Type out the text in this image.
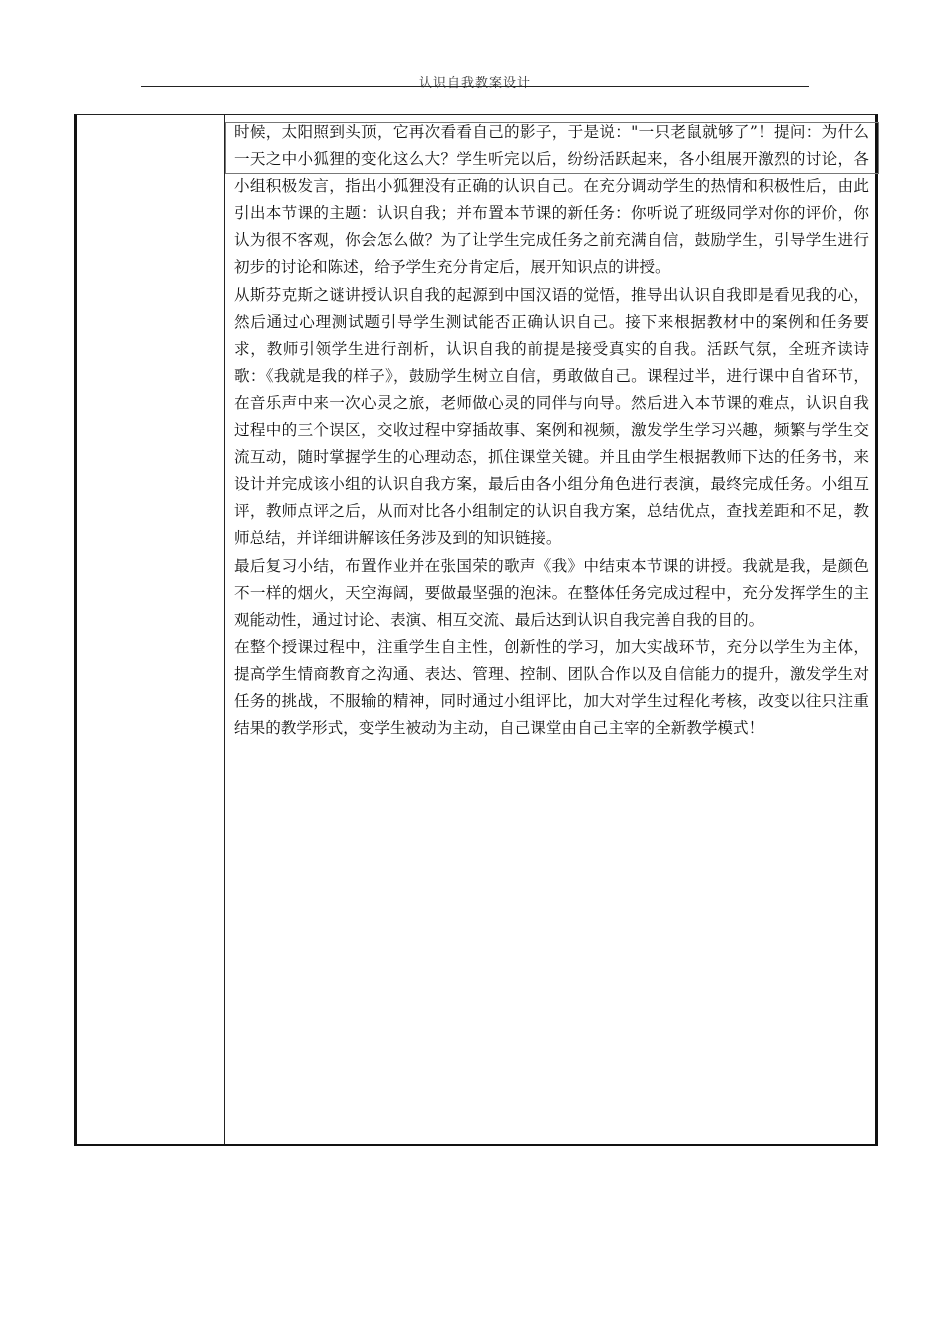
认识自我教案设计
时候，太阳照到头顶，它再次看看自己的影子，于是说："一只老鼠就够了”！提问：为什么一天之中小狐狸的变化这么大？学生听完以后，纷纷活跃起来，各小组展开激烈的讨论，各小组积极发言，指出小狐狸没有正确的认识自己。在充分调动学生的热情和积极性后，由此引出本节课的主题：认识自我；并布置本节课的新任务：你听说了班级同学对你的评价，你认为很不客观，你会怎么做？为了让学生完成任务之前充满自信，鼓励学生，引导学生进行初步的讨论和陈述，给予学生充分肯定后，展开知识点的讲授。
从斯芬克斯之谜讲授认识自我的起源到中国汉语的觉悟，推导出认识自我即是看见我的心，然后通过心理测试题引导学生测试能否正确认识自己。接下来根据教材中的案例和任务要求，教师引领学生进行剖析，认识自我的前提是接受真实的自我。活跃气氛，全班齐读诗歌：《我就是我的样子》，鼓励学生树立自信，勇敢做自己。课程过半，进行课中自省环节，在音乐声中来一次心灵之旅，老师做心灵的同伴与向导。然后进入本节课的难点，认识自我过程中的三个误区，交收过程中穿插故事、案例和视频，激发学生学习兴趣，频繁与学生交流互动，随时掌握学生的心理动态，抓住课堂关键。并且由学生根据教师下达的任务书，来设计并完成该小组的认识自我方案，最后由各小组分角色进行表演，最终完成任务。小组互评，教师点评之后，从而对比各小组制定的认识自我方案，总结优点，查找差距和不足，教师总结，并详细讲解该任务涉及到的知识链接。
最后复习小结，布置作业并在张国荣的歌声《我》中结束本节课的讲授。我就是我，是颜色不一样的烟火，天空海阔，要做最坚强的泡沫。在整体任务完成过程中，充分发挥学生的主观能动性，通过讨论、表演、相互交流、最后达到认识自我完善自我的目的。
在整个授课过程中，注重学生自主性，创新性的学习，加大实战环节，充分以学生为主体，提高学生情商教育之沟通、表达、管理、控制、团队合作以及自信能力的提升，激发学生对任务的挑战，不服输的精神，同时通过小组评比，加大对学生过程化考核，改变以往只注重结果的教学形式，变学生被动为主动，自己课堂由自己主宰的全新教学模式！
